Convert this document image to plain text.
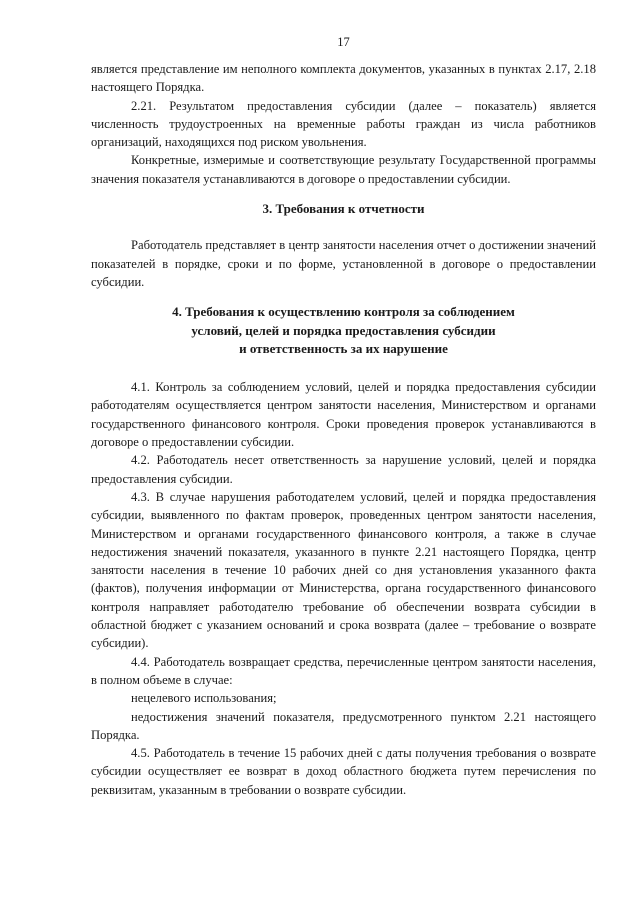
17

является представление им неполного комплекта документов, указанных в пунктах 2.17, 2.18 настоящего Порядка.

2.21. Результатом предоставления субсидии (далее – показатель) является численность трудоустроенных на временные работы граждан из числа работников организаций, находящихся под риском увольнения.

Конкретные, измеримые и соответствующие результату Государственной программы значения показателя устанавливаются в договоре о предоставлении субсидии.

3. Требования к отчетности

Работодатель представляет в центр занятости населения отчет о достижении значений показателей в порядке, сроки и по форме, установленной в договоре о предоставлении субсидии.

4. Требования к осуществлению контроля за соблюдением

условий, целей и порядка предоставления субсидии

и ответственность за их нарушение

4.1. Контроль за соблюдением условий, целей и порядка предоставления субсидии работодателям осуществляется центром занятости населения, Министерством и органами государственного финансового контроля. Сроки проведения проверок устанавливаются в договоре о предоставлении субсидии.

4.2. Работодатель несет ответственность за нарушение условий, целей и порядка предоставления субсидии.

4.3. В случае нарушения работодателем условий, целей и порядка предоставления субсидии, выявленного по фактам проверок, проведенных центром занятости населения, Министерством и органами государственного финансового контроля, а также в случае недостижения значений показателя, указанного в пункте 2.21 настоящего Порядка, центр занятости населения в течение 10 рабочих дней со дня установления указанного факта (фактов), получения информации от Министерства, органа государственного финансового контроля направляет работодателю требование об обеспечении возврата субсидии в областной бюджет с указанием оснований и срока возврата (далее – требование о возврате субсидии).

4.4. Работодатель возвращает средства, перечисленные центром занятости населения, в полном объеме в случае:

нецелевого использования;

недостижения значений показателя, предусмотренного пунктом 2.21 настоящего Порядка.

4.5. Работодатель в течение 15 рабочих дней с даты получения требования о возврате субсидии осуществляет ее возврат в доход областного бюджета путем перечисления по реквизитам, указанным в требовании о возврате субсидии.
